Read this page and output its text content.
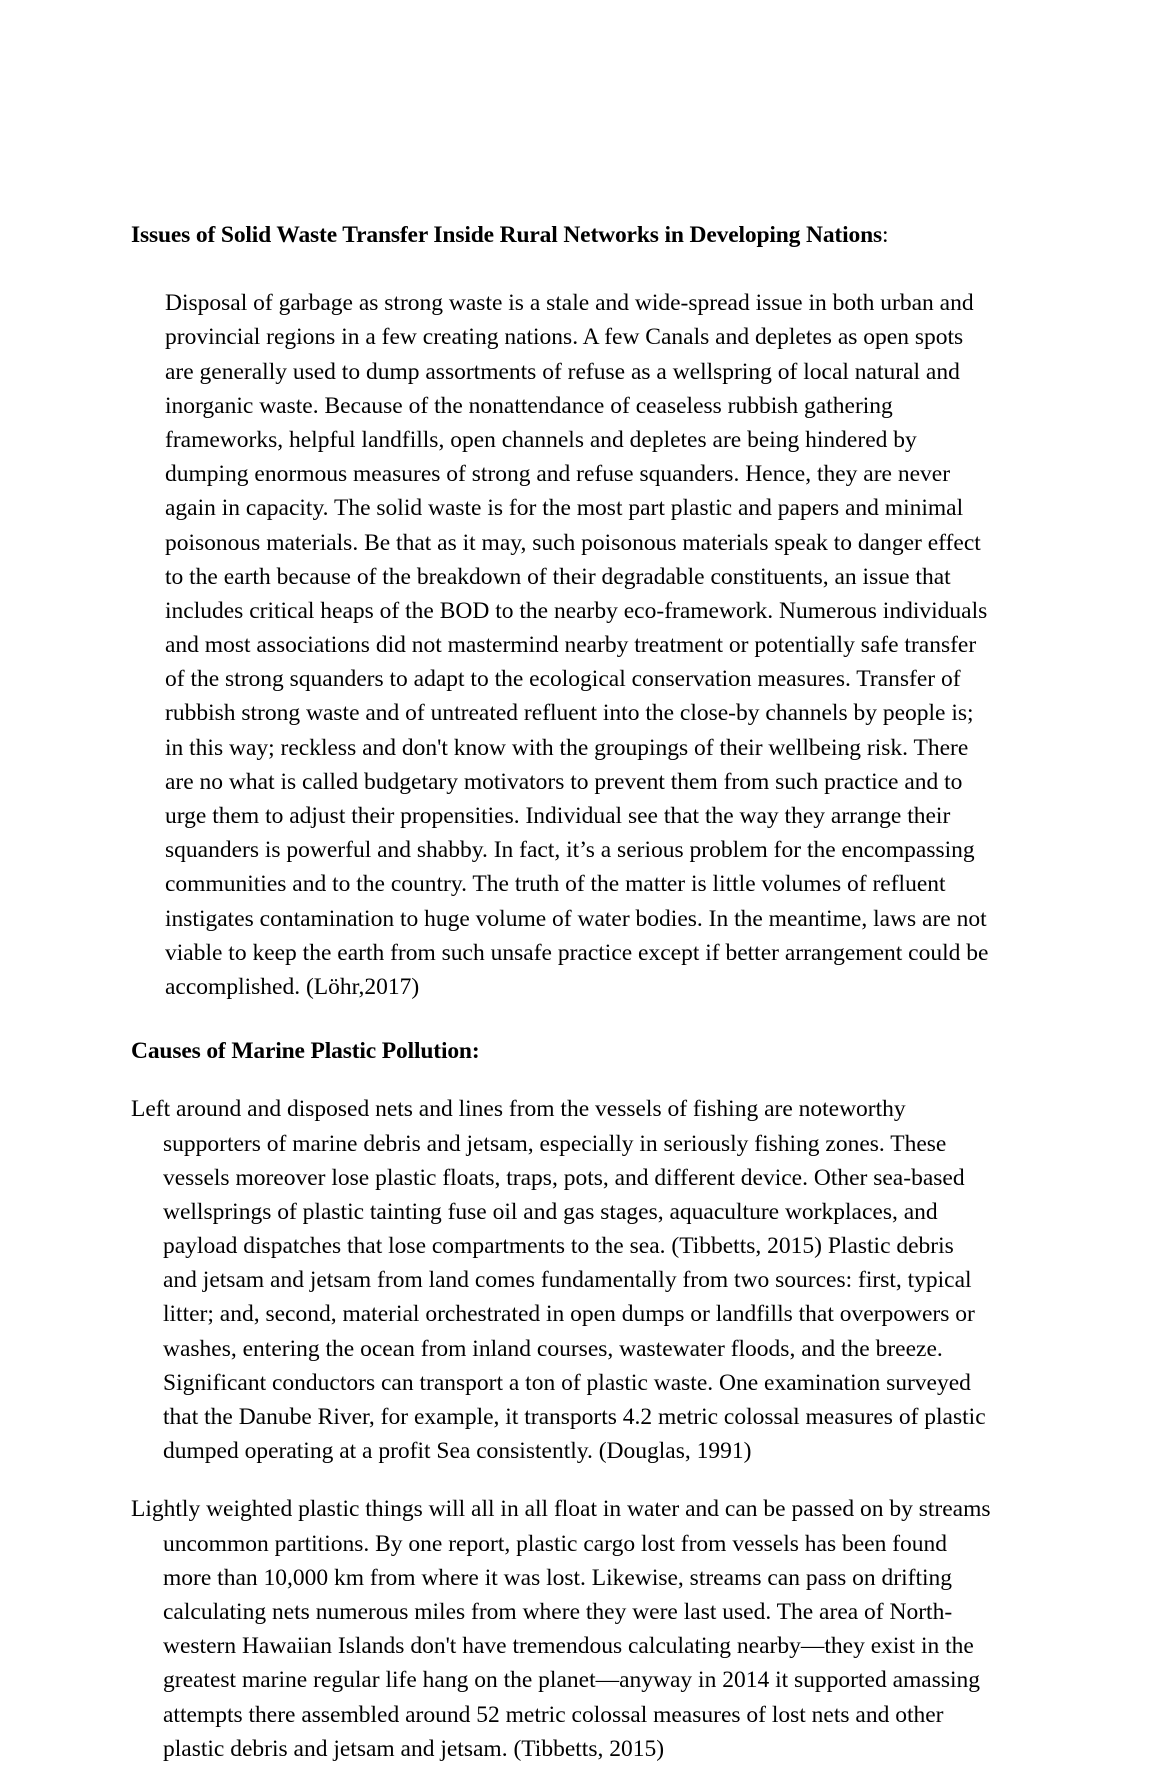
Issues of Solid Waste Transfer Inside Rural Networks in Developing Nations:

Disposal of garbage as strong waste is a stale and wide-spread issue in both urban and provincial regions in a few creating nations. A few Canals and depletes as open spots are generally used to dump assortments of refuse as a wellspring of local natural and inorganic waste. Because of the nonattendance of ceaseless rubbish gathering frameworks, helpful landfills, open channels and depletes are being hindered by dumping enormous measures of strong and refuse squanders. Hence, they are never again in capacity. The solid waste is for the most part plastic and papers and minimal poisonous materials. Be that as it may, such poisonous materials speak to danger effect to the earth because of the breakdown of their degradable constituents, an issue that includes critical heaps of the BOD to the nearby eco-framework. Numerous individuals and most associations did not mastermind nearby treatment or potentially safe transfer of the strong squanders to adapt to the ecological conservation measures. Transfer of rubbish strong waste and of untreated refluent into the close-by channels by people is; in this way; reckless and don't know with the groupings of their wellbeing risk. There are no what is called budgetary motivators to prevent them from such practice and to urge them to adjust their propensities. Individual see that the way they arrange their squanders is powerful and shabby. In fact, it’s a serious problem for the encompassing communities and to the country. The truth of the matter is little volumes of refluent instigates contamination to huge volume of water bodies. In the meantime, laws are not viable to keep the earth from such unsafe practice except if better arrangement could be accomplished. (Löhr,2017)

Causes of Marine Plastic Pollution:

Left around and disposed nets and lines from the vessels of fishing are noteworthy supporters of marine debris and jetsam, especially in seriously fishing zones. These vessels moreover lose plastic floats, traps, pots, and different device. Other sea-based wellsprings of plastic tainting fuse oil and gas stages, aquaculture workplaces, and payload dispatches that lose compartments to the sea. (Tibbetts, 2015) Plastic debris and jetsam and jetsam from land comes fundamentally from two sources: first, typical litter; and, second, material orchestrated in open dumps or landfills that overpowers or washes, entering the ocean from inland courses, wastewater floods, and the breeze. Significant conductors can transport a ton of plastic waste. One examination surveyed that the Danube River, for example, it transports 4.2 metric colossal measures of plastic dumped operating at a profit Sea consistently. (Douglas, 1991)

Lightly weighted plastic things will all in all float in water and can be passed on by streams uncommon partitions. By one report, plastic cargo lost from vessels has been found more than 10,000 km from where it was lost. Likewise, streams can pass on drifting calculating nets numerous miles from where they were last used. The area of North-western Hawaiian Islands don't have tremendous calculating nearby—they exist in the greatest marine regular life hang on the planet—anyway in 2014 it supported amassing attempts there assembled around 52 metric colossal measures of lost nets and other plastic debris and jetsam and jetsam. (Tibbetts, 2015)
